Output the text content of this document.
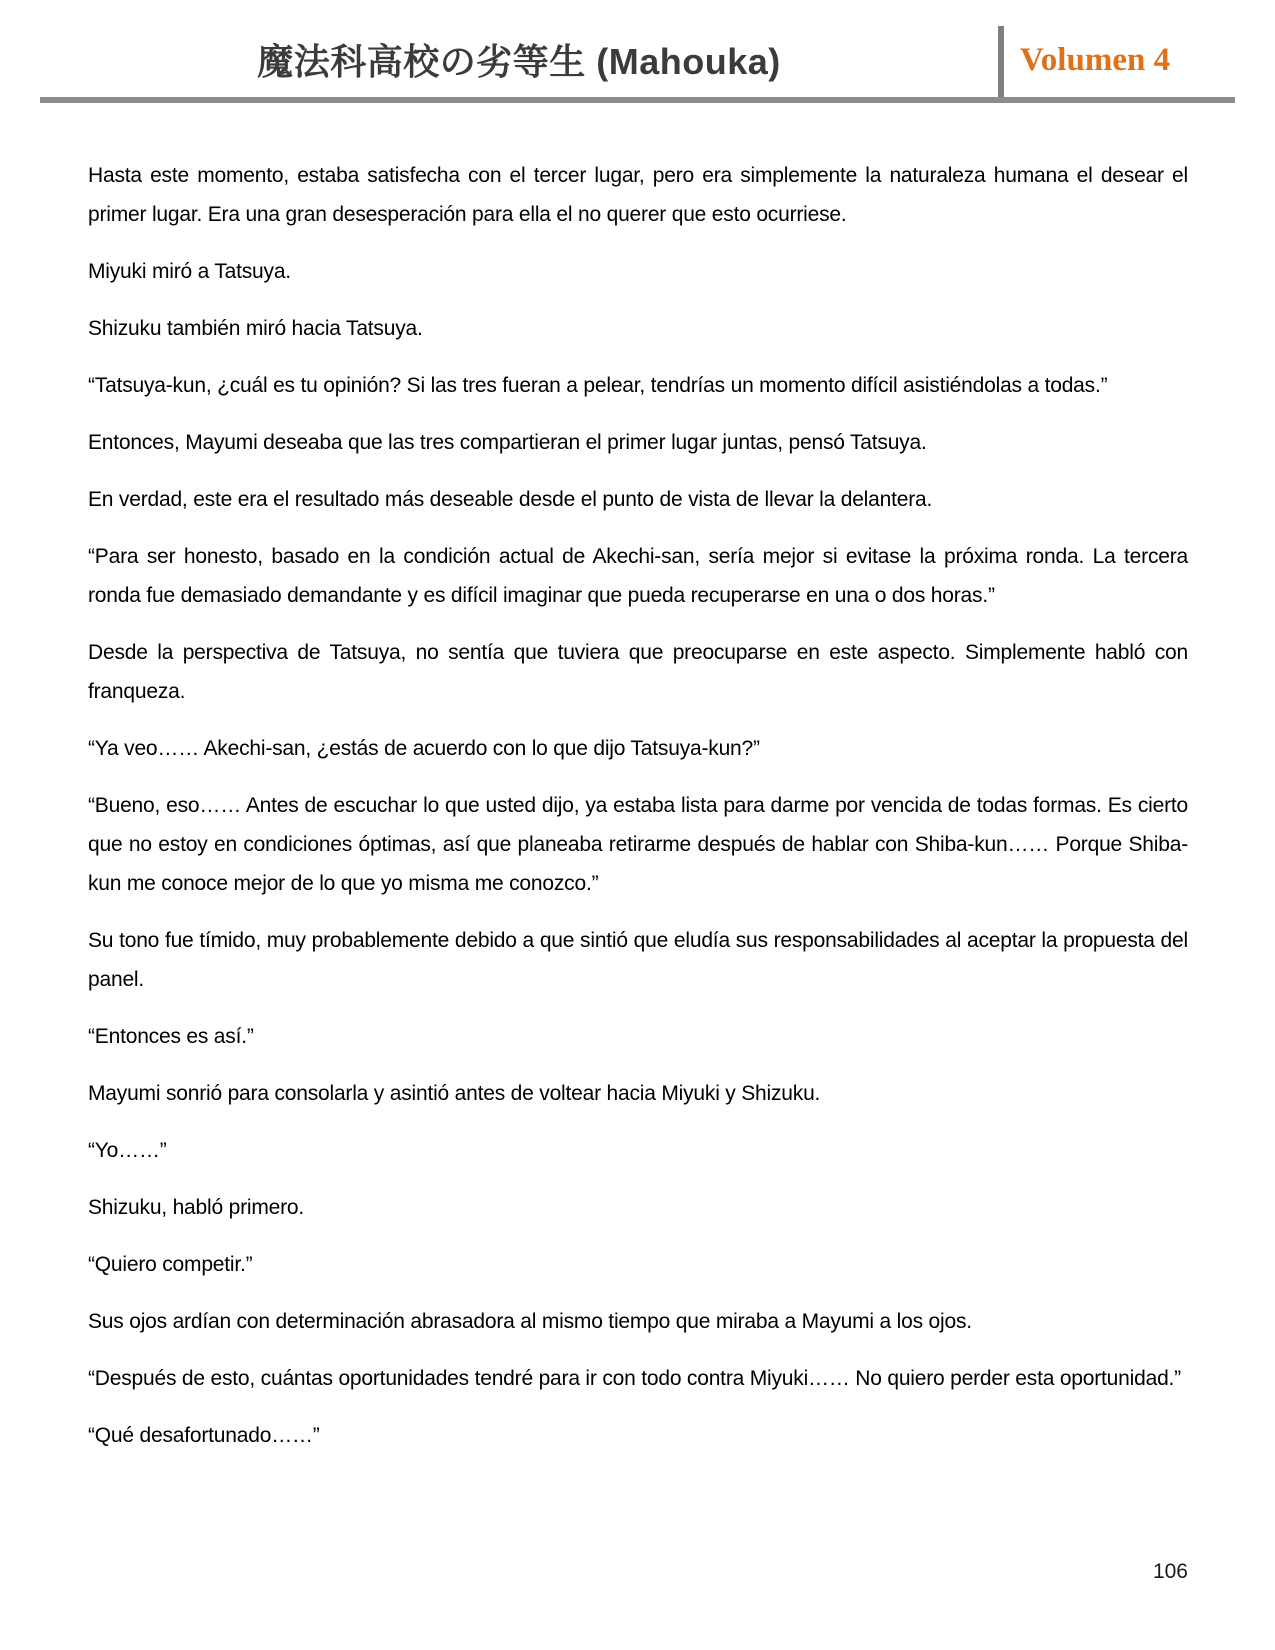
魔法科高校の劣等生 (Mahouka)	Volumen 4

Hasta este momento, estaba satisfecha con el tercer lugar, pero era simplemente la naturaleza humana el desear el primer lugar. Era una gran desesperación para ella el no querer que esto ocurriese.

Miyuki miró a Tatsuya.

Shizuku también miró hacia Tatsuya.

“Tatsuya-kun, ¿cuál es tu opinión? Si las tres fueran a pelear, tendrías un momento difícil asistiéndolas a todas.”

Entonces, Mayumi deseaba que las tres compartieran el primer lugar juntas, pensó Tatsuya.

En verdad, este era el resultado más deseable desde el punto de vista de llevar la delantera.

“Para ser honesto, basado en la condición actual de Akechi-san, sería mejor si evitase la próxima ronda. La tercera ronda fue demasiado demandante y es difícil imaginar que pueda recuperarse en una o dos horas.”

Desde la perspectiva de Tatsuya, no sentía que tuviera que preocuparse en este aspecto. Simplemente habló con franqueza.

“Ya veo…… Akechi-san, ¿estás de acuerdo con lo que dijo Tatsuya-kun?”

“Bueno, eso…… Antes de escuchar lo que usted dijo, ya estaba lista para darme por vencida de todas formas. Es cierto que no estoy en condiciones óptimas, así que planeaba retirarme después de hablar con Shiba-kun…… Porque Shiba-kun me conoce mejor de lo que yo misma me conozco.”

Su tono fue tímido, muy probablemente debido a que sintió que eludía sus responsabilidades al aceptar la propuesta del panel.

“Entonces es así.”

Mayumi sonrió para consolarla y asintió antes de voltear hacia Miyuki y Shizuku.

“Yo……”

Shizuku, habló primero.

“Quiero competir.”

Sus ojos ardían con determinación abrasadora al mismo tiempo que miraba a Mayumi a los ojos.

“Después de esto, cuántas oportunidades tendré para ir con todo contra Miyuki…… No quiero perder esta oportunidad.”

“Qué desafortunado……”

106
